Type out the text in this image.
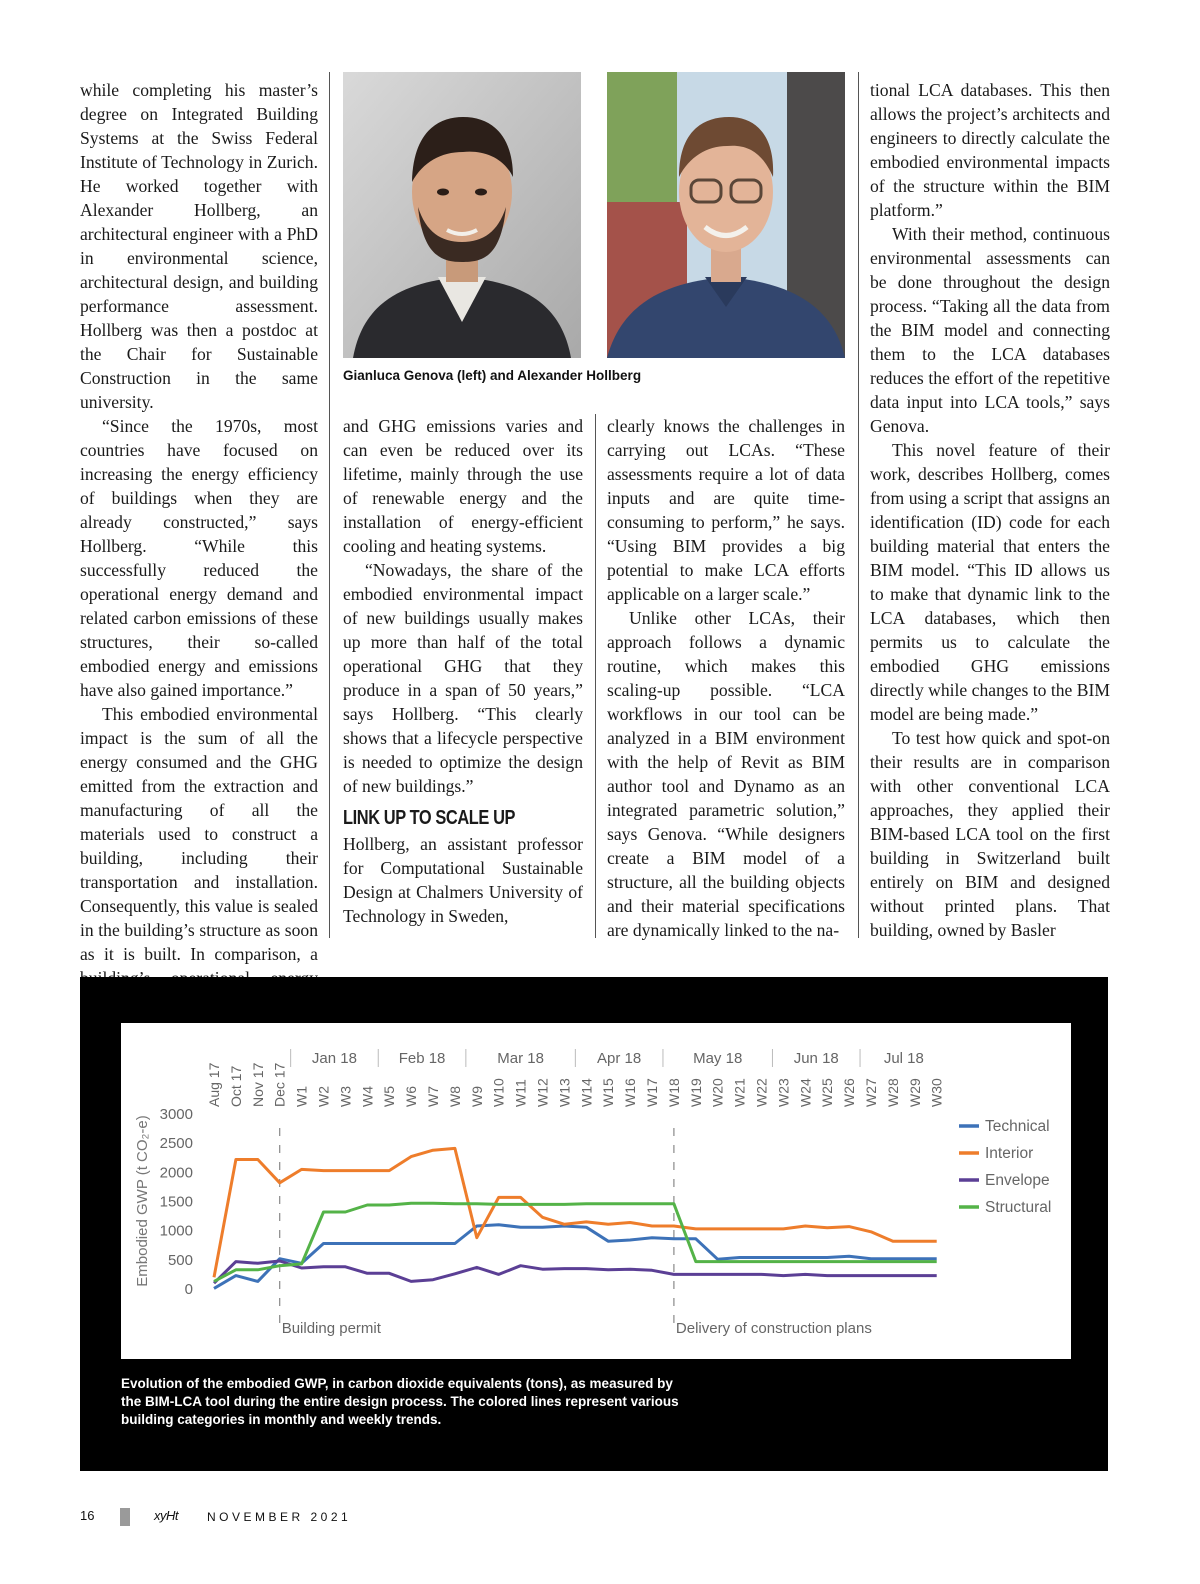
while completing his master’s degree on Integrated Building Systems at the Swiss Federal Institute of Technology in Zurich. He worked together with Alexander Hollberg, an architectural engineer with a PhD in environmental science, architectural design, and building performance assessment. Hollberg was then a postdoc at the Chair for Sustainable Construction in the same university.

“Since the 1970s, most countries have focused on increasing the energy efficiency of buildings when they are already constructed,” says Hollberg. “While this successfully reduced the operational energy demand and related carbon emissions of these structures, their so-called embodied energy and emissions have also gained importance.”

This embodied environmental impact is the sum of all the energy consumed and the GHG emitted from the extraction and manufacturing of all the materials used to construct a building, including their transportation and installation. Consequently, this value is sealed in the building’s structure as soon as it is built. In comparison, a

Gianluca Genova (left) and Alexander Hollberg

and GHG emissions varies and can even be reduced over its lifetime, mainly through the use of renewable energy and the installation of energy-efficient cooling and heating systems.

“Nowadays, the share of the embodied environmental impact of new buildings usually makes up more than half of the total operational GHG that they produce in a span of 50 years,” says Hollberg. “This clearly shows that a lifecycle perspective is needed to optimize the design of new buildings.”

LINK UP TO SCALE UP

Hollberg, an assistant professor for Computational Sustainable Design at Chalmers University of Technology in Sweden,

clearly knows the challenges in carrying out LCAs. “These assessments require a lot of data inputs and are quite time-consuming to perform,” he says. “Using BIM provides a big potential to make LCA efforts applicable on a larger scale.”

Unlike other LCAs, their approach follows a dynamic routine, which makes this scaling-up possible. “LCA workflows in our tool can be analyzed in a BIM environment with the help of Revit as BIM author tool and Dynamo as an integrated parametric solution,” says Genova. “While designers create a BIM model of a structure, all the building objects and their material specifications are dynamically linked to the na-

tional LCA databases. This then allows the project’s architects and engineers to directly calculate the embodied environmental impacts of the structure within the BIM platform.”

With their method, continuous environmental assessments can be done throughout the design process. “Taking all the data from the BIM model and connecting them to the LCA databases reduces the effort of the repetitive data input into LCA tools,” says Genova.

This novel feature of their work, describes Hollberg, comes from using a script that assigns an identification (ID) code for each building material that enters the BIM model. “This ID allows us to make that dynamic link to the LCA databases, which then permits us to calculate the embodied GHG emissions directly while changes to the BIM model are being made.”

To test how quick and spot-on their results are in comparison with other conventional LCA approaches, they applied their BIM-based LCA tool on the first building in Switzerland built entirely on BIM and designed without printed plans. That building, owned by Basler

Embodied GWP (t CO₂-e)
0
500
1000
1500
2000
2500
3000
Aug 17 Oct 17 Nov 17 Dec 17 W1 W2 W3 W4 W5 W6 W7 W8 W9 W10 W11 W12 W13 W14 W15 W16 W17 W18 W19 W20 W21 W22 W23 W24 W25 W26 W27 W28 W29 W30
Jan 18	Feb 18	Mar 18	Apr 18	May 18	Jun 18	Jul 18
Building permit	Delivery of construction plans
Technical
Interior
Envelope
Structural
Evolution of the embodied GWP, in carbon dioxide equivalents (tons), as measured by the BIM-LCA tool during the entire design process. The colored lines represent various building categories in monthly and weekly trends.
16	xyHt NOVEMBER 2021
